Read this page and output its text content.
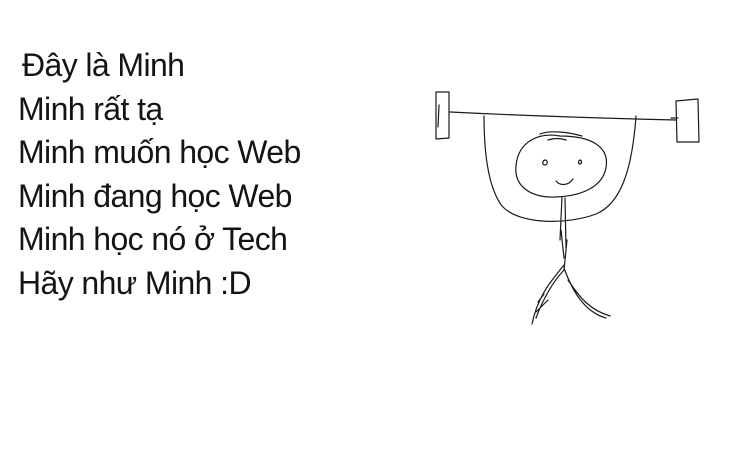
Đây là Minh
Minh rất tạ
Minh muốn học Web
Minh đang học Web
Minh học nó ở Tech
Hãy như Minh :D
